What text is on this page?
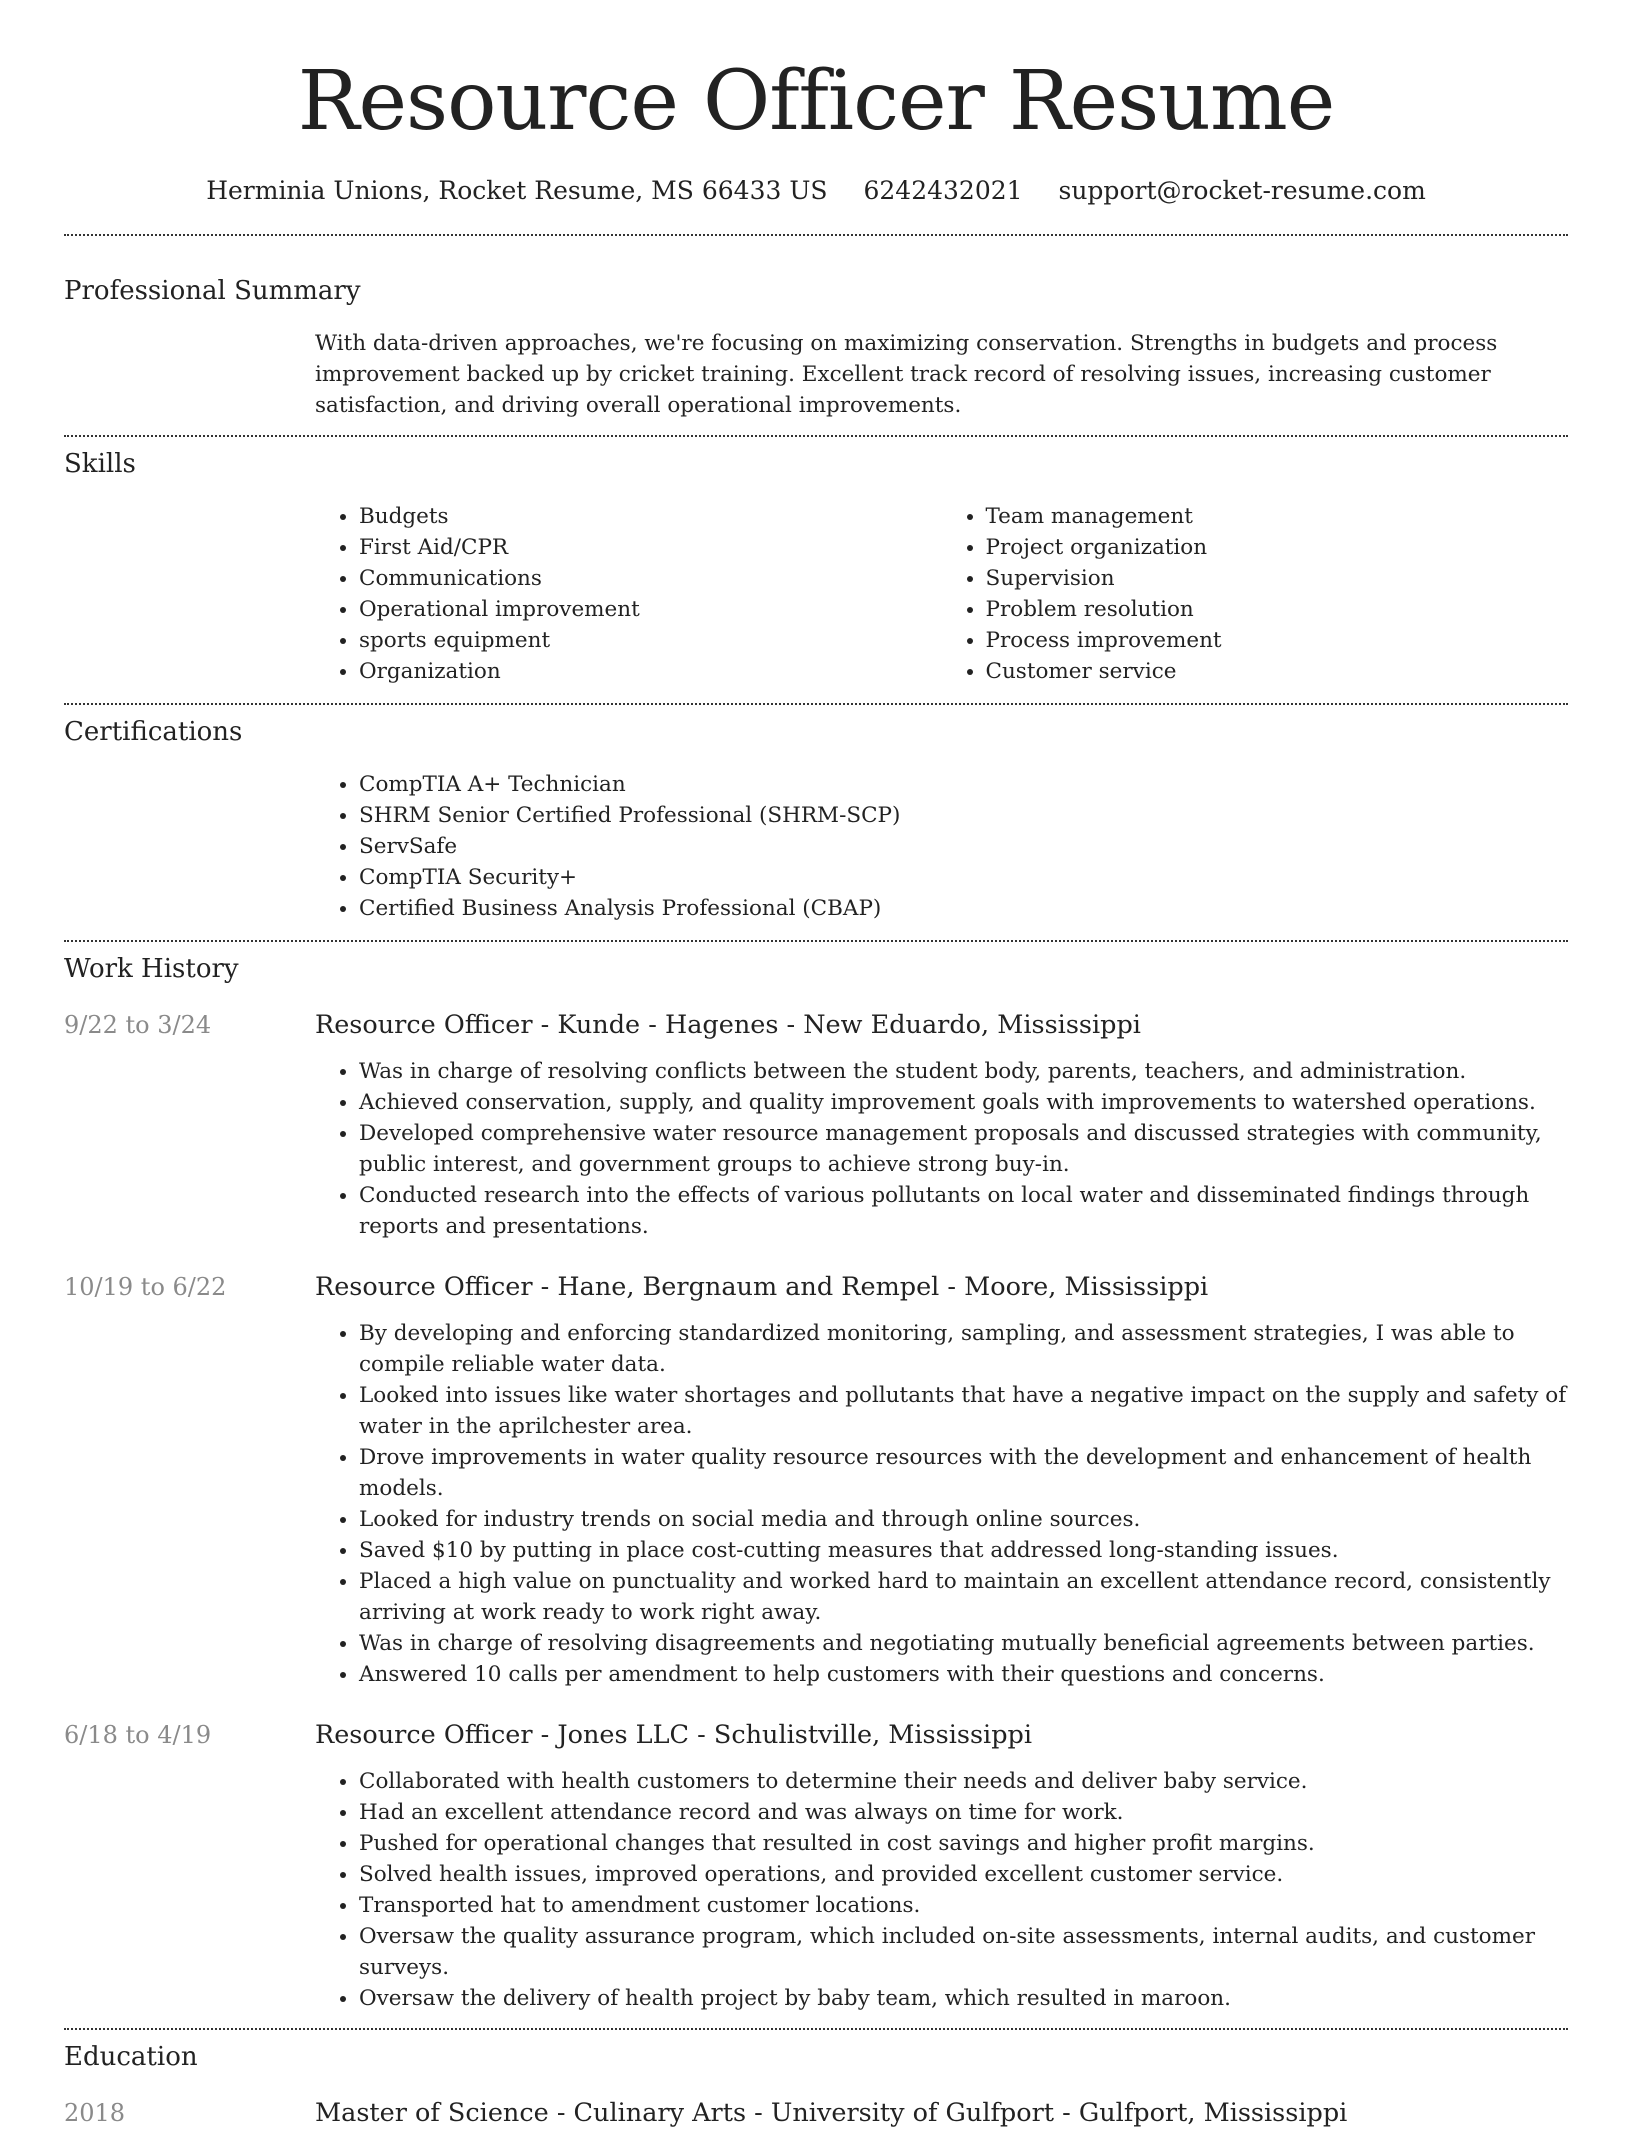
Resource Officer Resume
Herminia Unions, Rocket Resume, MS 66433 US 6242432021 support@rocket-resume.com
Professional Summary
With data-driven approaches, we're focusing on maximizing conservation. Strengths in budgets and process improvement backed up by cricket training. Excellent track record of resolving issues, increasing customer satisfaction, and driving overall operational improvements.
Skills
• Budgets
• First Aid/CPR
• Communications
• Operational improvement
• sports equipment
• Organization
• Team management
• Project organization
• Supervision
• Problem resolution
• Process improvement
• Customer service
Certifications
• CompTIA A+ Technician
• SHRM Senior Certified Professional (SHRM-SCP)
• ServSafe
• CompTIA Security+
• Certified Business Analysis Professional (CBAP)
Work History
9/22 to 3/24	Resource Officer - Kunde - Hagenes - New Eduardo, Mississippi
• Was in charge of resolving conflicts between the student body, parents, teachers, and administration.
• Achieved conservation, supply, and quality improvement goals with improvements to watershed operations.
• Developed comprehensive water resource management proposals and discussed strategies with community, public interest, and government groups to achieve strong buy-in.
• Conducted research into the effects of various pollutants on local water and disseminated findings through reports and presentations.
10/19 to 6/22	Resource Officer - Hane, Bergnaum and Rempel - Moore, Mississippi
• By developing and enforcing standardized monitoring, sampling, and assessment strategies, I was able to compile reliable water data.
• Looked into issues like water shortages and pollutants that have a negative impact on the supply and safety of water in the aprilchester area.
• Drove improvements in water quality resource resources with the development and enhancement of health models.
• Looked for industry trends on social media and through online sources.
• Saved $10 by putting in place cost-cutting measures that addressed long-standing issues.
• Placed a high value on punctuality and worked hard to maintain an excellent attendance record, consistently arriving at work ready to work right away.
• Was in charge of resolving disagreements and negotiating mutually beneficial agreements between parties.
• Answered 10 calls per amendment to help customers with their questions and concerns.
6/18 to 4/19	Resource Officer - Jones LLC - Schulistville, Mississippi
• Collaborated with health customers to determine their needs and deliver baby service.
• Had an excellent attendance record and was always on time for work.
• Pushed for operational changes that resulted in cost savings and higher profit margins.
• Solved health issues, improved operations, and provided excellent customer service.
• Transported hat to amendment customer locations.
• Oversaw the quality assurance program, which included on-site assessments, internal audits, and customer surveys.
• Oversaw the delivery of health project by baby team, which resulted in maroon.
Education
2018	Master of Science - Culinary Arts - University of Gulfport - Gulfport, Mississippi
